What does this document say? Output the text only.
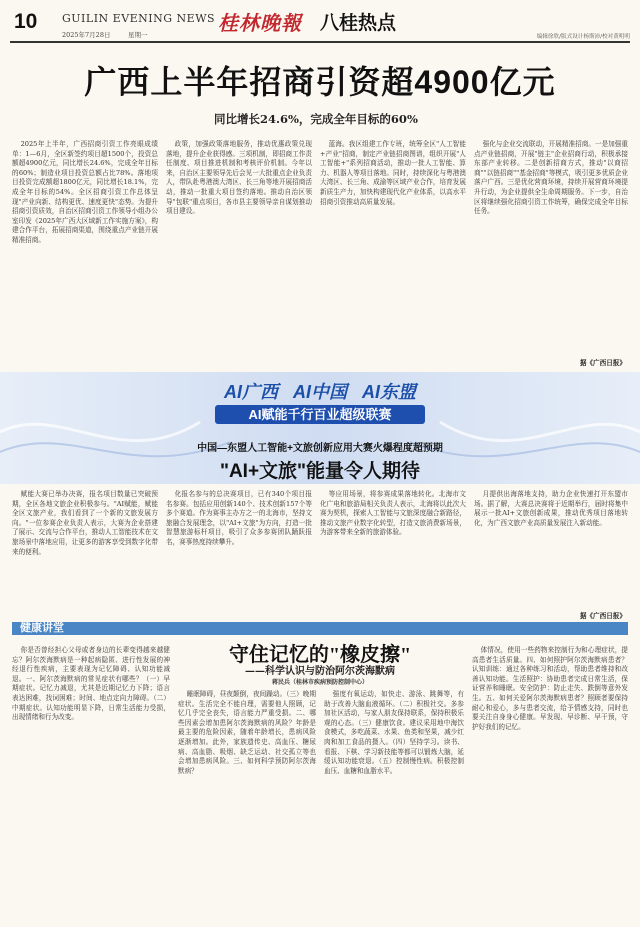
10 GUILIN EVENING NEWS
2025年7月28日	星期一	桂林晚報 八桂热点
编辑徐欣/版式设计杨斯沛/校对黄明明
广西上半年招商引资超4900亿元
同比增长24.6%，完成全年目标的60%

2025年上半年，广西招商引资工作亮眼成绩单：1—6月，全区新签约项目超1500个，投资总额超4900亿元，同比增长24.6%，完成全年目标的60%；制造业项目投资总额占比78%。落地项目投资完成额超1800亿元，同比增长18.1%，完成全年目标的54%。全区招商引资工作总体呈现"产业向新、结构更优、速度更快"态势。为提升招商引资质效，自治区招商引资工作领导小组办公室印发《2025年广西大区域新工作实施方案》，构建合作平台，拓展招商渠道，围绕重点产业链开展精准招商。

政策，加强政策落地服务，推动优惠政策兑现落地，提升企业获得感。三项机制，即招商工作责任制度、项目推进机制和考核评价机制。今年以来，自治区主要领导先后会见一大批重点企业负责人，带队赴粤港澳大湾区、长三角等地开展招商活动，推动一批重大项目签约落地。推动自治区领导"包联"重点项目，各市县主要领导亲自谋划推动项目建设。

蓝海。我区组建工作专班，统筹全区"人工智能+产业"招商，制定产业链招商图谱，组织开展"人工智能+"系列招商活动，推动一批人工智能、算力、机器人等项目落地。同时，持续深化与粤港澳大湾区、长三角、成渝等区域产业合作，培育发展新质生产力，加快构建现代化产业体系，以高水平招商引资推动高质量发展。

强化与企业交流联动，开展精准招商。一是加强重点产业链招商，开展"链主"企业招商行动，积极承接东部产业转移。二是创新招商方式，推动"以商招商""以链招商""基金招商"等模式，吸引更多优质企业落户广西。三是优化营商环境，持续开展营商环境提升行动，为企业提供全生命周期服务。下一步，自治区将继续强化招商引资工作统筹，确保完成全年目标任务。

据《广西日报》
AI广西 AI中国 AI东盟
AI赋能千行百业超级联赛
中国—东盟人工智能+文旅创新应用大赛火爆程度超预期
"AI+文旅"能量令人期待

赋能大赛已举办决赛，报名项目数量已突破预期，全区各地文旅企业积极参与。"AI赋能，赋能全区文旅产业，我们看到了一个新的文旅发展方向。"一位参赛企业负责人表示，大赛为企业搭建了展示、交流与合作平台，推动人工智能技术在文旅场景中落地应用，让更多的游客享受到数字化带来的便利。

化报名参与的总决赛项目，已有340个项目报名参赛。包括应用创新140个、技术创新157个等多个赛道。作为赛事主办方之一的北海市，坚持文旅融合发展理念，以"AI+文旅"为方向，打造一批智慧旅游标杆项目，吸引了众多参赛团队踊跃报名，赛事热度持续攀升。

等应用场景，将参赛成果落地转化。北海市文化广电和旅游局相关负责人表示，北海将以此次大赛为契机，探索人工智能与文旅深度融合新路径，推动文旅产业数字化转型，打造文旅消费新场景，为游客带来全新的旅游体验。

月提供出海落地支持，助力企业快速打开东盟市场。据了解，大赛总决赛将于近期举行，届时将集中展示一批AI+文旅创新成果，推动优秀项目落地转化，为广西文旅产业高质量发展注入新动能。

据《广西日报》
健康讲堂
守住记忆的"橡皮擦"
——科学认识与防治阿尔茨海默病
蒋民兵（桂林市疾病预防控制中心）

你是否曾经担心父母或者身边的长辈变得越来越健忘？阿尔茨海默病是一种起病隐匿、进行性发展的神经退行性疾病，主要表现为记忆障碍、认知功能减退。一、阿尔茨海默病的常见症状有哪些？（一）早期症状。记忆力减退，尤其是近期记忆力下降；语言表达困难，找词困难；时间、地点定向力障碍。（二）中期症状。认知功能明显下降，日常生活能力受损，出现情绪和行为改变。

睡眠障碍，昼夜颠倒，夜间躁动。（三）晚期症状。生活完全不能自理，需要他人照顾，记忆几乎完全丧失，语言能力严重受损。二、哪些因素会增加患阿尔茨海默病的风险？年龄是最主要的危险因素，随着年龄增长，患病风险逐渐增加。此外，家族遗传史、高血压、糖尿病、高血脂、吸烟、缺乏运动、社交孤立等也会增加患病风险。三、如何科学预防阿尔茨海默病？

强度有氧运动，如快走、游泳、跳舞等，有助于改善大脑血液循环。（二）积极社交。多参加社区活动，与家人朋友保持联系，保持积极乐观的心态。（三）健康饮食。建议采用地中海饮食模式，多吃蔬菜、水果、鱼类和坚果，减少红肉和加工食品的摄入。（四）坚持学习。读书、看报、下棋、学习新技能等都可以锻炼大脑，延缓认知功能衰退。（五）控制慢性病。积极控制血压、血糖和血脂水平。

体情况，使用一些药物来控制行为和心理症状，提高患者生活质量。四、如何照护阿尔茨海默病患者？认知训练：通过各种练习和活动，帮助患者维持和改善认知功能。生活照护：协助患者完成日常生活，保证营养和睡眠。安全防护：防止走失、跌倒等意外发生。五、如何关爱阿尔茨海默病患者？照顾者要保持耐心和爱心，多与患者交流，给予情感支持，同时也要关注自身身心健康。早发现、早诊断、早干预，守护好我们的记忆。
